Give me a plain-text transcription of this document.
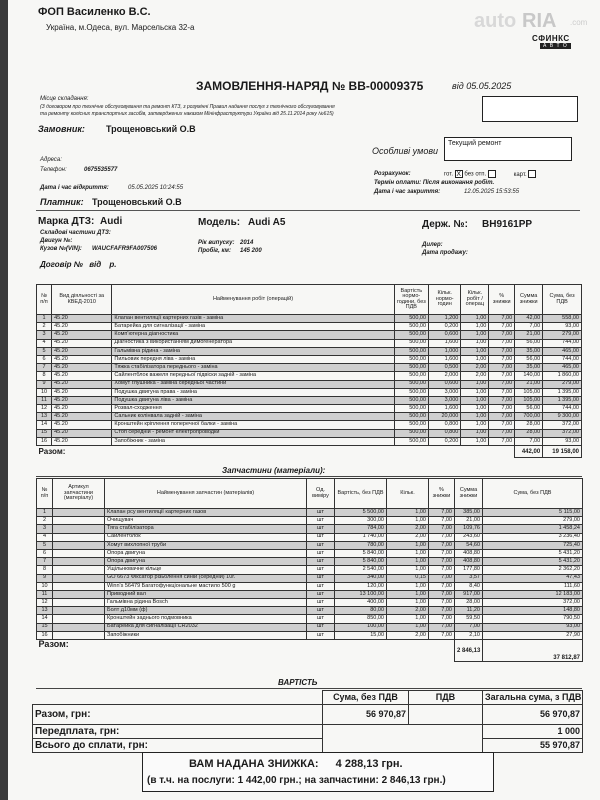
ФОП Василенко В.С.
Україна, м.Одеса, вул. Марсельска 32-а	auto RIA .com
СФИНКС
А В Т О
ЗАМОВЛЕННЯ-НАРЯД № ВВ-00009375	від 05.05.2025
Місце складання:
(З договором про технічне обслуговування та ремонт КТЗ, з розумінні Правил надання послуг з технічного обслуговування
та ремонту колісних транспортних засобів, затверджених наказом Мінінфраструктури України від 25.11.2014 року №615)
Замовник: Трощеновський О.В
Особливі умови
Текущий ремонт
Адреса:
Телефон:	0675535577
Розрахунок:	гот. X без отп.	карт.
Термін оплати: Після виконання робіт.
Дата і час відкриття:	05.05.2025 10:24:55
Дата і час закриття:	12.05.2025 15:53:55
Платник: Трощеновський О.В
Марка ДТЗ: Audi	Модель: Audi A5	Держ. №: ВН9161РР
Складові частини ДТЗ:
Двигун №:
Кузов №(VIN): WAUCFAFR9FA007506
Рік випуску: 2014
Пробіг, км: 145 200
Дилер:
Дата продажу:
Договір № від р.
№ п/п	Вид діяльності за КВЕД-2010	Найменування робіт (операцій)	Вартість нормо-години, без ПДВ	Кільк. нормо-годин	Кільк. робіт / операц	% знижки	Сумма знижки	Сума, без ПДВ
1	45.20	Клапан вентиляції картерних газів - заміна	500,00	1,200	1,00	7,00	42,00	558,00
2	45.20	Батарейка для сигналізації - заміна	500,00	0,200	1,00	7,00	7,00	93,00
3	45.20	Комп'ютерна діагностика	500,00	0,600	1,00	7,00	21,00	279,00
4	45.20	Діагностика з використанням димогенератора	500,00	1,600	1,00	7,00	56,00	744,00
5	45.20	Гальмівна рідина - заміна	500,00	1,000	1,00	7,00	35,00	465,00
6	45.20	Пильовик передня ліва - заміна	500,00	1,600	1,00	7,00	56,00	744,00
7	45.20	Тяжка стабілізатора переднього - заміна	500,00	0,500	2,00	7,00	35,00	465,00
8	45.20	Сайлентблок важеля передньої підвіски задній - заміна	500,00	2,000	2,00	7,00	140,00	1 860,00
9	45.20	Хомут глушника - заміна середньої частини	500,00	0,600	1,00	7,00	21,00	279,00
10	45.20	Подушка двигуна права - заміна	500,00	3,000	1,00	7,00	105,00	1 395,00
11	45.20	Подушка двигуна ліва - заміна	500,00	3,000	1,00	7,00	105,00	1 395,00
12	45.20	Розвал-сходження	500,00	1,600	1,00	7,00	56,00	744,00
13	45.20	Сальник колінвала задній - заміна	500,00	20,000	1,00	7,00	700,00	9 300,00
14	45.20	Кронштейн кріплення поперечної балки - заміна	500,00	0,800	1,00	7,00	28,00	372,00
15	45.20	Стоп середній - ремонт електропроводки	500,00	0,800	1,00	7,00	28,00	372,00
16	45.20	Запобіжник - заміна	500,00	0,200	1,00	7,00	7,00	93,00
Разом:							442,00	19 158,00
Запчастини (матеріали):
№ п/п	Артикул запчастини (матеріалу)	Найменування запчастин (матеріалів)	Од. виміру	Вартість, без ПДВ	Кільк.	% знижки	Сумма знижки	Сума, без ПДВ
1		Клапан рсу вентиляції картерних газов	шт	5 500,00	1,00	7,00	385,00	5 115,00
2		Очищувач	шт	300,00	1,00	7,00	21,00	279,00
3		Тяга стабілізатора	шт	784,00	2,00	7,00	109,76	1 458,24
4		Сайлентблок	шт	1 740,00	2,00	7,00	243,60	3 236,40
5		Хомут вихлопної труби	шт	780,00	1,00	7,00	54,60	725,40
6		Опора двигуна	шт	5 840,00	1,00	7,00	408,80	5 431,20
7		Опора двигуна	шт	5 840,00	1,00	7,00	408,80	5 431,20
8		Ущільнювачне кільце	шт	2 540,00	1,00	7,00	177,80	2 362,20
9		GO 6673 Фіксатор різьблення синій (середній) 10г.	шт	340,00	0,15	7,00	3,57	47,43
10		Winn's 56479 Багатофункціональне мастило 500 g	шт	120,00	1,00	7,00	8,40	111,60
11		Приводний вал	шт	13 100,00	1,00	7,00	917,00	12 183,00
12		Гальмівна рідина Bosch	шт	400,00	1,00	7,00	28,00	372,00
13		Болт д10мм (ф)	шт	80,00	2,00	7,00	11,20	148,80
14		Кронштейн заднього подмовника	шт	850,00	1,00	7,00	59,50	790,50
15		Батарейка для сигналізації CR2032	шт	100,00	1,00	7,00	7,00	93,00
16		Запобіжники	шт	15,00	2,00	7,00	2,10	27,90
Разом:							2 846,13	37 812,87
ВАРТІСТЬ
	Сума, без ПДВ	ПДВ	Загальна сума, з ПДВ
Разом, грн:	56 970,87		56 970,87
Передплата, грн:			1 000
Всього до сплати, грн:			55 970,87
ВАМ НАДАНА ЗНИЖКА: 4 288,13 грн.
(в т.ч. на послуги: 1 442,00 грн.; на запчастини: 2 846,13 грн.)
